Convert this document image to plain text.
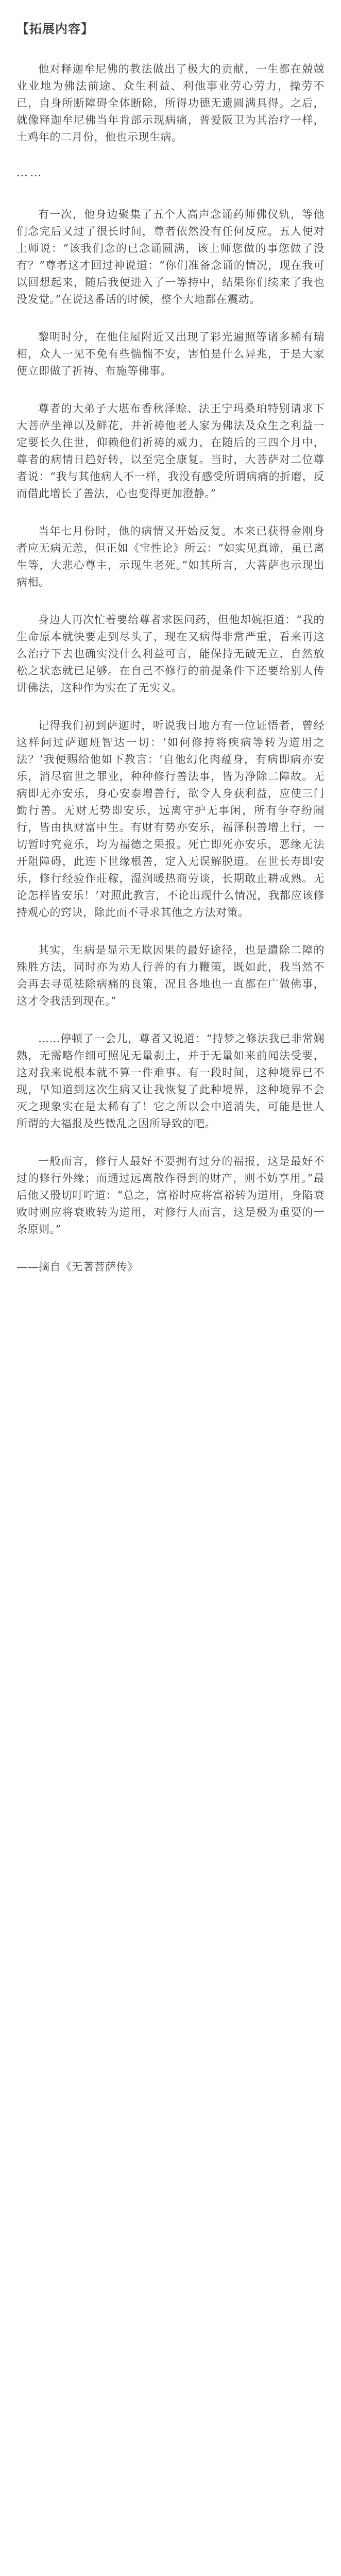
【拓展内容】

他对释迦牟尼佛的教法做出了极大的贡献，一生都在兢兢业业地为佛法前途、众生利益、利他事业劳心劳力，操劳不已，自身所断障碍全体断除，所得功德无遗圆满具得。之后，就像释迦牟尼佛当年肯部示现病痛，普爱阪卫为其治疗一样，土鸡年的二月份，他也示现生病。

……

有一次，他身边聚集了五个人高声念诵药师佛仪轨，等他们念完后又过了很长时间，尊者依然没有任何反应。五人便对上师说：“该我们念的已念诵圆满，该上师您做的事您做了没有？”尊者这才回过神说道：“你们准备念诵的情况，现在我可以回想起来，随后我便进入了一等持中，结果你们续来了我也没发觉。”在说这番话的时候，整个大地都在震动。

黎明时分，在他住屋附近又出现了彩光遍照等诸多稀有瑞相，众人一见不免有些惴惴不安，害怕是什么异兆，于是大家便立即做了祈祷、布施等佛事。

尊者的大弟子大堪布香秋泽赊、法王宁玛桑珀特别请求下大菩萨坐禅以及鲜花，并祈祷他老人家为佛法及众生之利益一定要长久住世，仰赖他们祈祷的威力，在随后的三四个月中，尊者的病情日趋好转，以至完全康复。当时，大菩萨对二位尊者说：“我与其他病人不一样，我没有感受所谓病痛的折磨，反而借此增长了善法，心也变得更加澄静。”

当年七月份时，他的病情又开始反复。本来已获得金刚身者应无病无恙，但正如《宝性论》所云：“如实见真谛，虽已离生等，大悲心尊主，示现生老死。”如其所言，大菩萨也示现出病相。

身边人再次忙着要给尊者求医问药，但他却婉拒道：“我的生命原本就快要走到尽头了，现在又病得非常严重，看来再这么治疗下去也确实没什么利益可言，能保持无破无立、自然放松之状态就已足够。在自己不修行的前提条件下还要给别人传讲佛法，这种作为实在了无实义。

记得我们初到萨迦时，听说我日地方有一位证悟者，曾经这样问过萨迦班智达一切：‘如何修持将疾病等转为道用之法？’我便赐给他如下教言：‘自他幻化肉蕴身，有病即病亦安乐，消尽宿世之罪业，种种修行善法事，皆为净除二障故。无病即无亦安乐，身心安泰增善行，欲令人身获利益，应使三门勤行善。无财无势即安乐，远离守护无事闲，所有争夺纷闹行，皆由执财富中生。有财有势亦安乐，福泽积善增上行，一切暂时究竟乐，均为福德之果报。死亡即死亦安乐，恶缘无法开阻障碍，此连下世缘根善，定入无误解脱道。在世长寿即安乐，修行经验作莊稼，湿润暖热商劳谈，长期敢止耕成熟。无论怎样皆安乐！’对照此教言，不论出现什么情况，我都应该修持观心的窍诀，除此而不寻求其他之方法对策。

其实，生病是显示无欺因果的最好途径，也是遣除二障的殊胜方法，同时亦为劝人行善的有力鞭策，既如此，我当然不会再去寻觅祛除病痛的良策，况且各地也一直都在广做佛事，这才令我活到现在。”

……停顿了一会儿，尊者又说道：“持梦之修法我已非常娴熟，无需略作细可照见无量刹土，并于无量如来前闻法受要，这对我来说根本就不算一件难事。有一段时间，这种境界已不现，早知道到这次生病又让我恢复了此种境界，这种境界不会灭之现象实在是太稀有了！它之所以会中道消失，可能是世人所谓的大福报及些微乱之因所导致的吧。

一般而言，修行人最好不要拥有过分的福报，这是最好不过的修行外缘；而通过远离散作得到的财产，则不妨享用。”最后他又殷切叮咛道：“总之，富裕时应将富裕转为道用，身陷衰败时则应将衰败转为道用，对修行人而言，这是极为重要的一条原则。”

——摘自《无著菩萨传》
